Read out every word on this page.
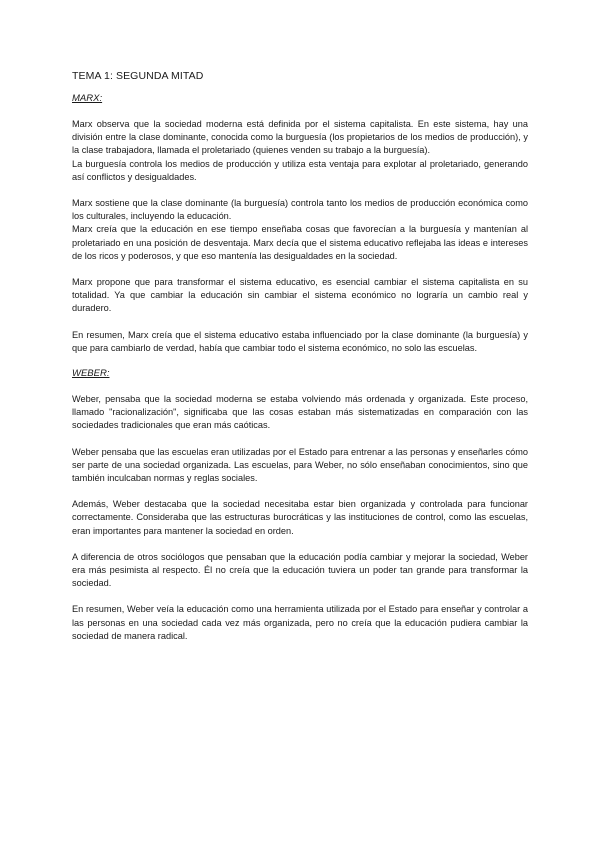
TEMA 1: SEGUNDA MITAD
MARX:

Marx observa que la sociedad moderna está definida por el sistema capitalista. En este sistema, hay una división entre la clase dominante, conocida como la burguesía (los propietarios de los medios de producción), y la clase trabajadora, llamada el proletariado (quienes venden su trabajo a la burguesía).

La burguesía controla los medios de producción y utiliza esta ventaja para explotar al proletariado, generando así conflictos y desigualdades.

Marx sostiene que la clase dominante (la burguesía) controla tanto los medios de producción económica como los culturales, incluyendo la educación.

Marx creía que la educación en ese tiempo enseñaba cosas que favorecían a la burguesía y mantenían al proletariado en una posición de desventaja. Marx decía que el sistema educativo reflejaba las ideas e intereses de los ricos y poderosos, y que eso mantenía las desigualdades en la sociedad.

Marx propone que para transformar el sistema educativo, es esencial cambiar el sistema capitalista en su totalidad. Ya que cambiar la educación sin cambiar el sistema económico no lograría un cambio real y duradero.

En resumen, Marx creía que el sistema educativo estaba influenciado por la clase dominante (la burguesía) y que para cambiarlo de verdad, había que cambiar todo el sistema económico, no solo las escuelas.

WEBER:

Weber, pensaba que la sociedad moderna se estaba volviendo más ordenada y organizada. Este proceso, llamado "racionalización", significaba que las cosas estaban más sistematizadas en comparación con las sociedades tradicionales que eran más caóticas.

Weber pensaba que las escuelas eran utilizadas por el Estado para entrenar a las personas y enseñarles cómo ser parte de una sociedad organizada. Las escuelas, para Weber, no sólo enseñaban conocimientos, sino que también inculcaban normas y reglas sociales.

Además, Weber destacaba que la sociedad necesitaba estar bien organizada y controlada para funcionar correctamente. Consideraba que las estructuras burocráticas y las instituciones de control, como las escuelas, eran importantes para mantener la sociedad en orden.

A diferencia de otros sociólogos que pensaban que la educación podía cambiar y mejorar la sociedad, Weber era más pesimista al respecto. Él no creía que la educación tuviera un poder tan grande para transformar la sociedad.

En resumen, Weber veía la educación como una herramienta utilizada por el Estado para enseñar y controlar a las personas en una sociedad cada vez más organizada, pero no creía que la educación pudiera cambiar la sociedad de manera radical.
